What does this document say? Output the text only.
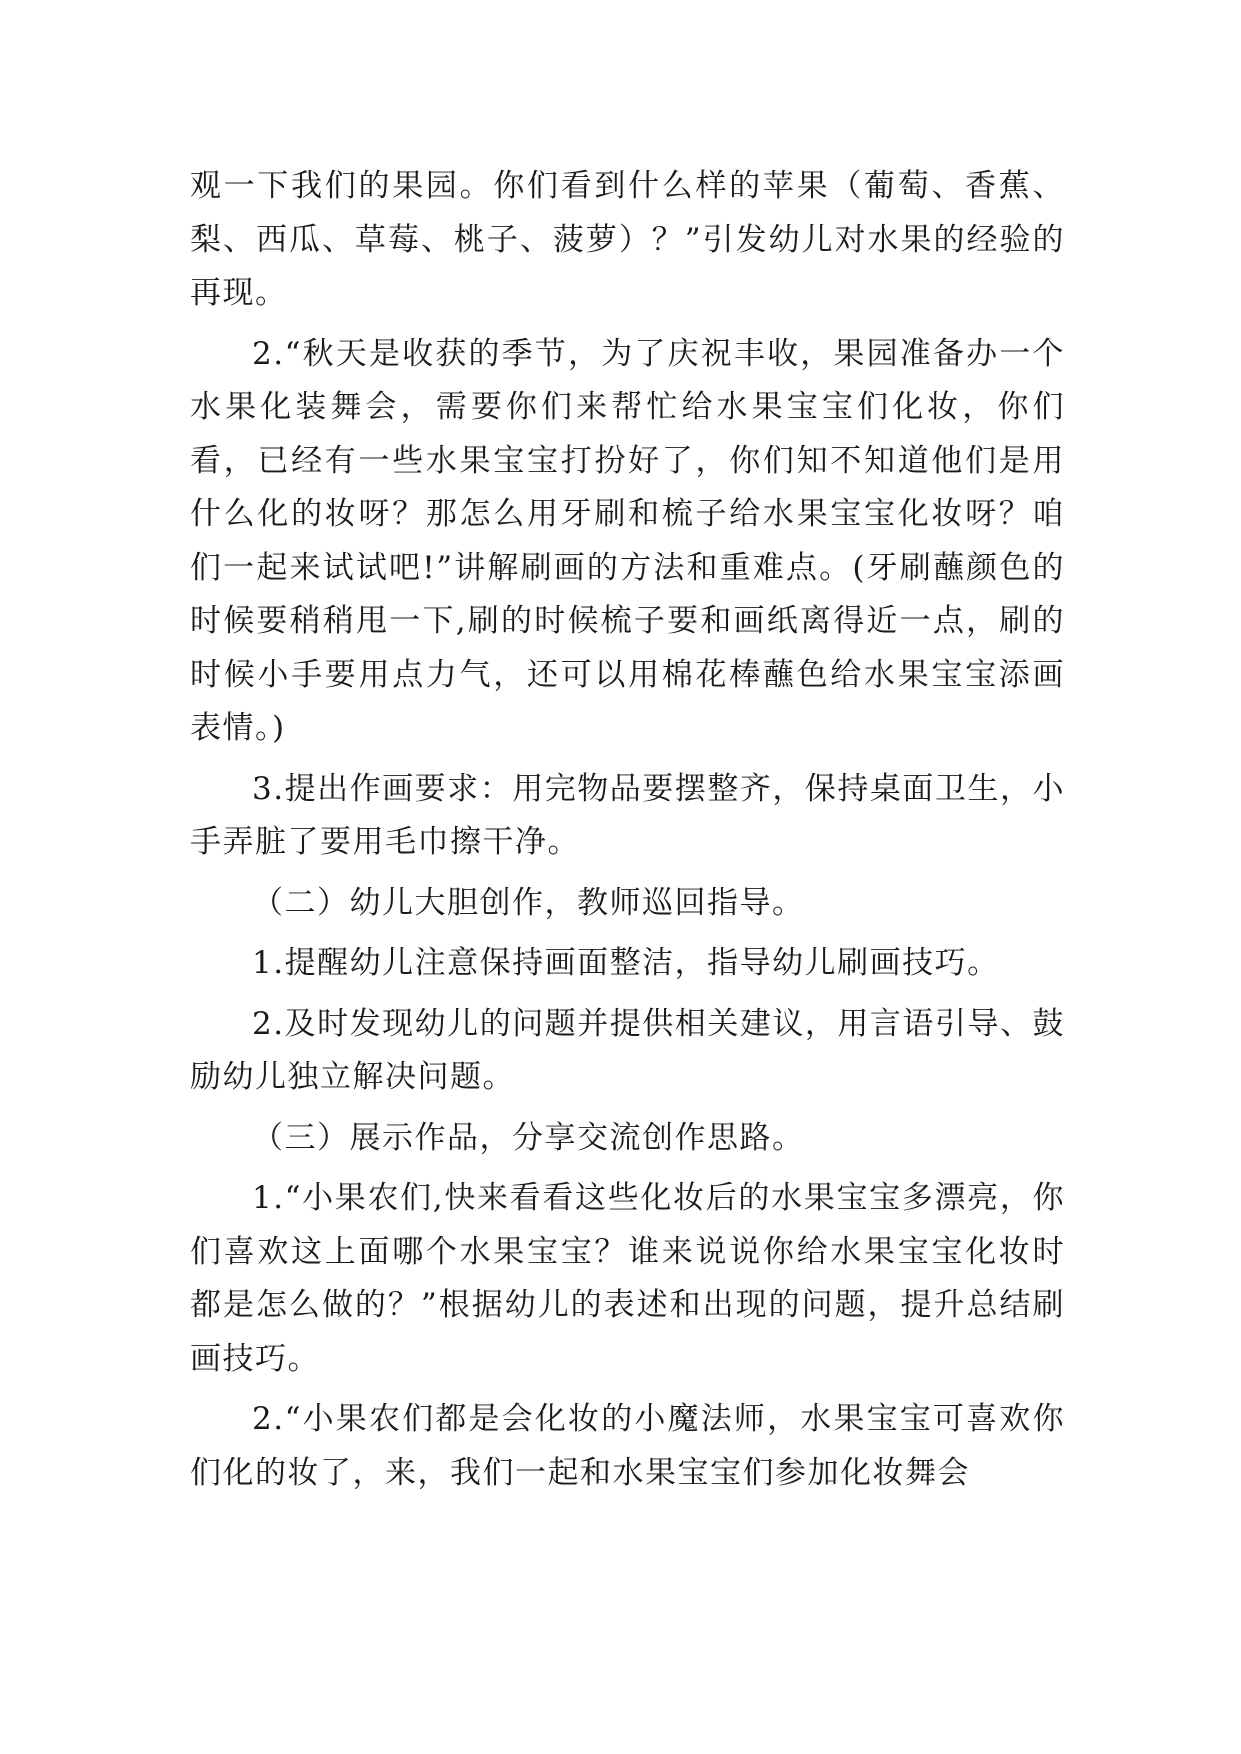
观一下我们的果园。你们看到什么样的苹果（葡萄、香蕉、梨、西瓜、草莓、桃子、菠萝）？”引发幼儿对水果的经验的再现。

2.“秋天是收获的季节，为了庆祝丰收，果园准备办一个水果化装舞会，需要你们来帮忙给水果宝宝们化妆，你们看，已经有一些水果宝宝打扮好了，你们知不知道他们是用什么化的妆呀？那怎么用牙刷和梳子给水果宝宝化妆呀？咱们一起来试试吧!”讲解刷画的方法和重难点。(牙刷蘸颜色的时候要稍稍甩一下,刷的时候梳子要和画纸离得近一点，刷的时候小手要用点力气，还可以用棉花棒蘸色给水果宝宝添画表情。)

3.提出作画要求：用完物品要摆整齐，保持桌面卫生，小手弄脏了要用毛巾擦干净。

（二）幼儿大胆创作，教师巡回指导。

1.提醒幼儿注意保持画面整洁，指导幼儿刷画技巧。

2.及时发现幼儿的问题并提供相关建议，用言语引导、鼓励幼儿独立解决问题。

（三）展示作品，分享交流创作思路。

1.“小果农们,快来看看这些化妆后的水果宝宝多漂亮，你们喜欢这上面哪个水果宝宝？谁来说说你给水果宝宝化妆时都是怎么做的？”根据幼儿的表述和出现的问题，提升总结刷画技巧。

2.“小果农们都是会化妆的小魔法师，水果宝宝可喜欢你们化的妆了，来，我们一起和水果宝宝们参加化妆舞会
